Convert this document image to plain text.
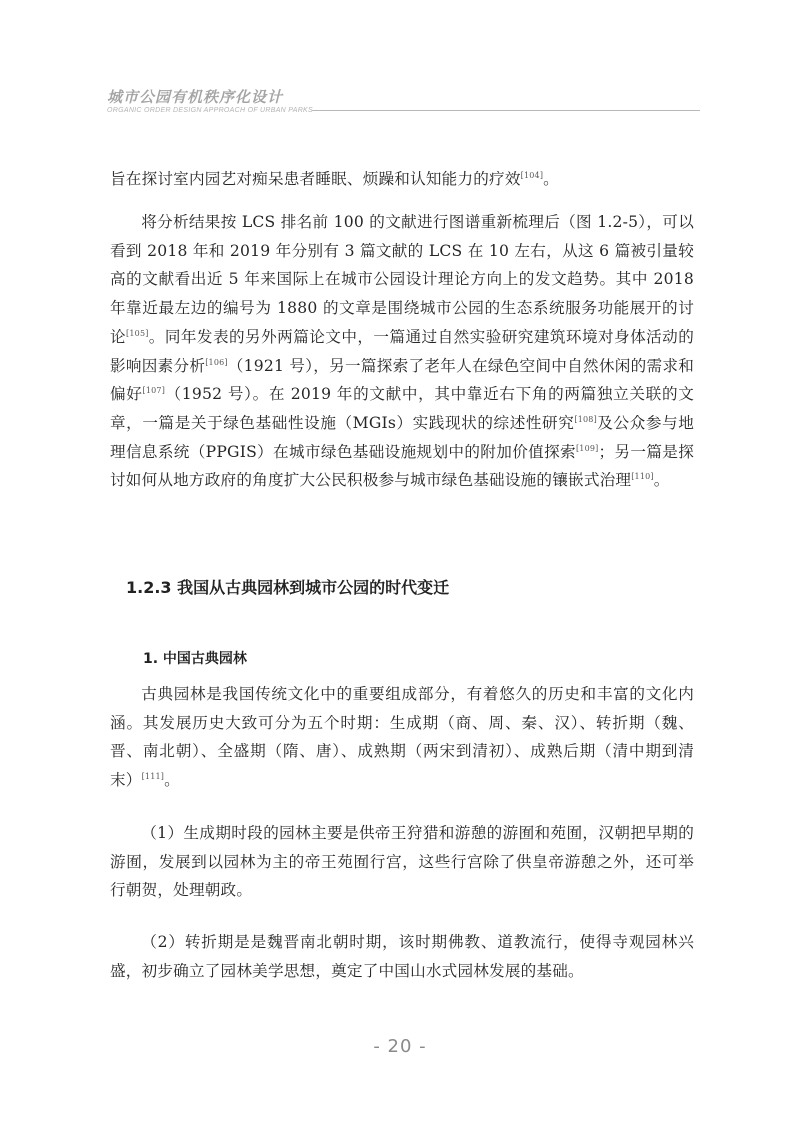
城市公园有机秩序化设计
ORGANIC ORDER DESIGN APPROACH OF URBAN PARKS

旨在探讨室内园艺对痴呆患者睡眠、烦躁和认知能力的疗效[104]。

将分析结果按 LCS 排名前 100 的文献进行图谱重新梳理后（图 1.2-5），可以看到 2018 年和 2019 年分别有 3 篇文献的 LCS 在 10 左右，从这 6 篇被引量较高的文献看出近 5 年来国际上在城市公园设计理论方向上的发文趋势。其中 2018 年靠近最左边的编号为 1880 的文章是围绕城市公园的生态系统服务功能展开的讨论[105]。同年发表的另外两篇论文中，一篇通过自然实验研究建筑环境对身体活动的影响因素分析[106]（1921 号），另一篇探索了老年人在绿色空间中自然休闲的需求和偏好[107]（1952 号）。在 2019 年的文献中，其中靠近右下角的两篇独立关联的文章，一篇是关于绿色基础性设施（MGIs）实践现状的综述性研究[108]及公众参与地理信息系统（PPGIS）在城市绿色基础设施规划中的附加价值探索[109]；另一篇是探讨如何从地方政府的角度扩大公民积极参与城市绿色基础设施的镶嵌式治理[110]。

1.2.3 我国从古典园林到城市公园的时代变迁
1. 中国古典园林

古典园林是我国传统文化中的重要组成部分，有着悠久的历史和丰富的文化内涵。其发展历史大致可分为五个时期：生成期（商、周、秦、汉）、转折期（魏、晋、南北朝）、全盛期（隋、唐）、成熟期（两宋到清初）、成熟后期（清中期到清末）[111]。

（1）生成期时段的园林主要是供帝王狩猎和游憩的游囿和苑囿，汉朝把早期的游囿，发展到以园林为主的帝王苑囿行宫，这些行宫除了供皇帝游憩之外，还可举行朝贺，处理朝政。

（2）转折期是是魏晋南北朝时期，该时期佛教、道教流行，使得寺观园林兴盛，初步确立了园林美学思想，奠定了中国山水式园林发展的基础。

- 20 -
